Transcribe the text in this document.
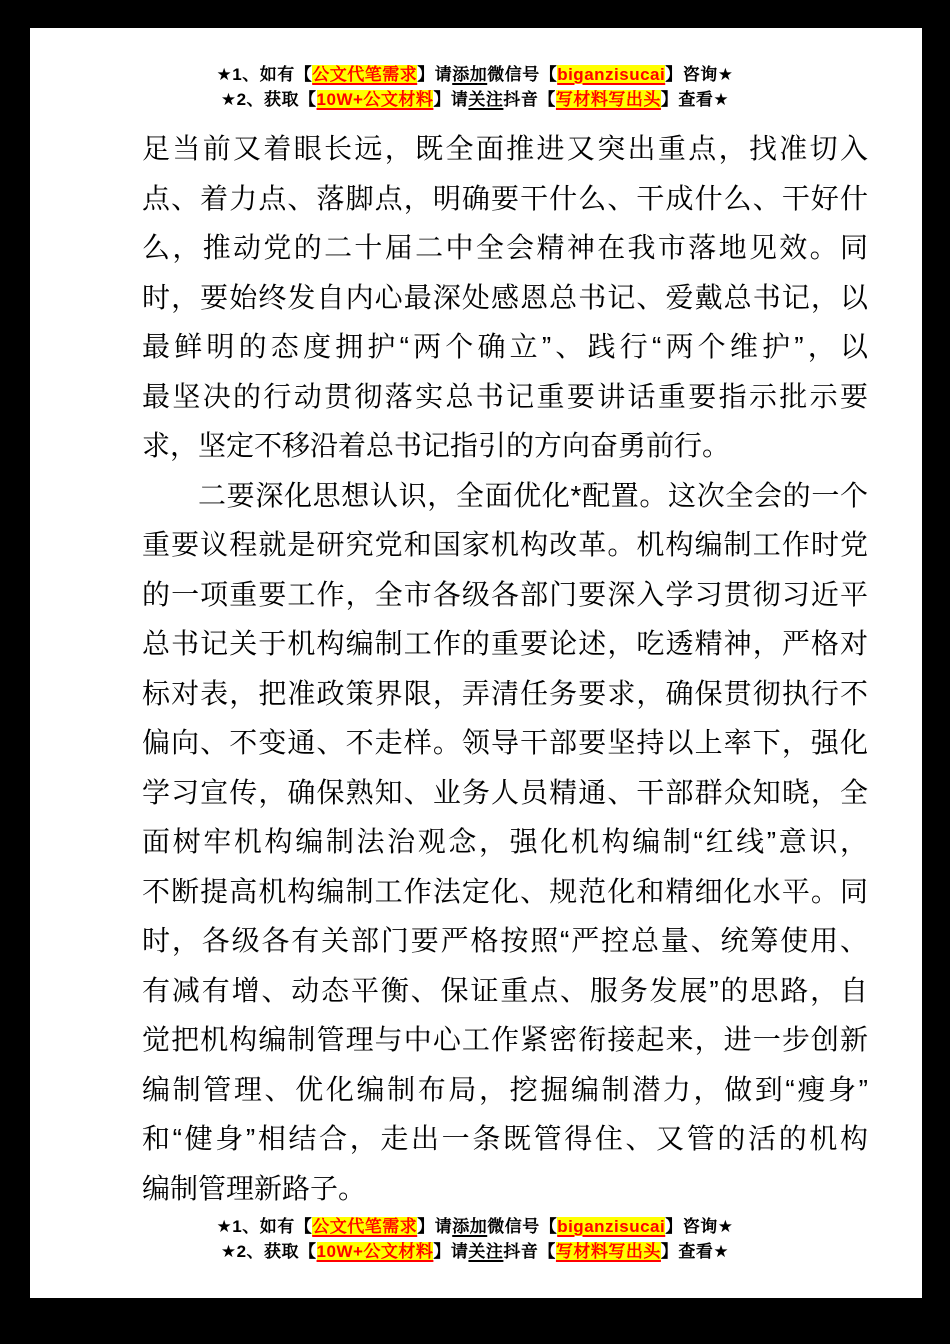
★1、如有【公文代笔需求】请添加微信号【biganzisucai】咨询★
★2、获取【10W+公文材料】请关注抖音【写材料写出头】查看★
足当前又着眼长远，既全面推进又突出重点，找准切入
点、着力点、落脚点，明确要干什么、干成什么、干好什
么，推动党的二十届二中全会精神在我市落地见效。同
时，要始终发自内心最深处感恩总书记、爱戴总书记，以
最鲜明的态度拥护“两个确立”、践行“两个维护”，以
最坚决的行动贯彻落实总书记重要讲话重要指示批示要
求，坚定不移沿着总书记指引的方向奋勇前行。
二要深化思想认识，全面优化*配置。这次全会的一个
重要议程就是研究党和国家机构改革。机构编制工作时党
的一项重要工作，全市各级各部门要深入学习贯彻习近平
总书记关于机构编制工作的重要论述，吃透精神，严格对
标对表，把准政策界限，弄清任务要求，确保贯彻执行不
偏向、不变通、不走样。领导干部要坚持以上率下，强化
学习宣传，确保熟知、业务人员精通、干部群众知晓，全
面树牢机构编制法治观念，强化机构编制“红线”意识，
不断提高机构编制工作法定化、规范化和精细化水平。同
时，各级各有关部门要严格按照“严控总量、统筹使用、
有减有增、动态平衡、保证重点、服务发展”的思路，自
觉把机构编制管理与中心工作紧密衔接起来，进一步创新
编制管理、优化编制布局，挖掘编制潜力，做到“瘦身”
和“健身”相结合，走出一条既管得住、又管的活的机构
编制管理新路子。
★1、如有【公文代笔需求】请添加微信号【biganzisucai】咨询★
★2、获取【10W+公文材料】请关注抖音【写材料写出头】查看★
